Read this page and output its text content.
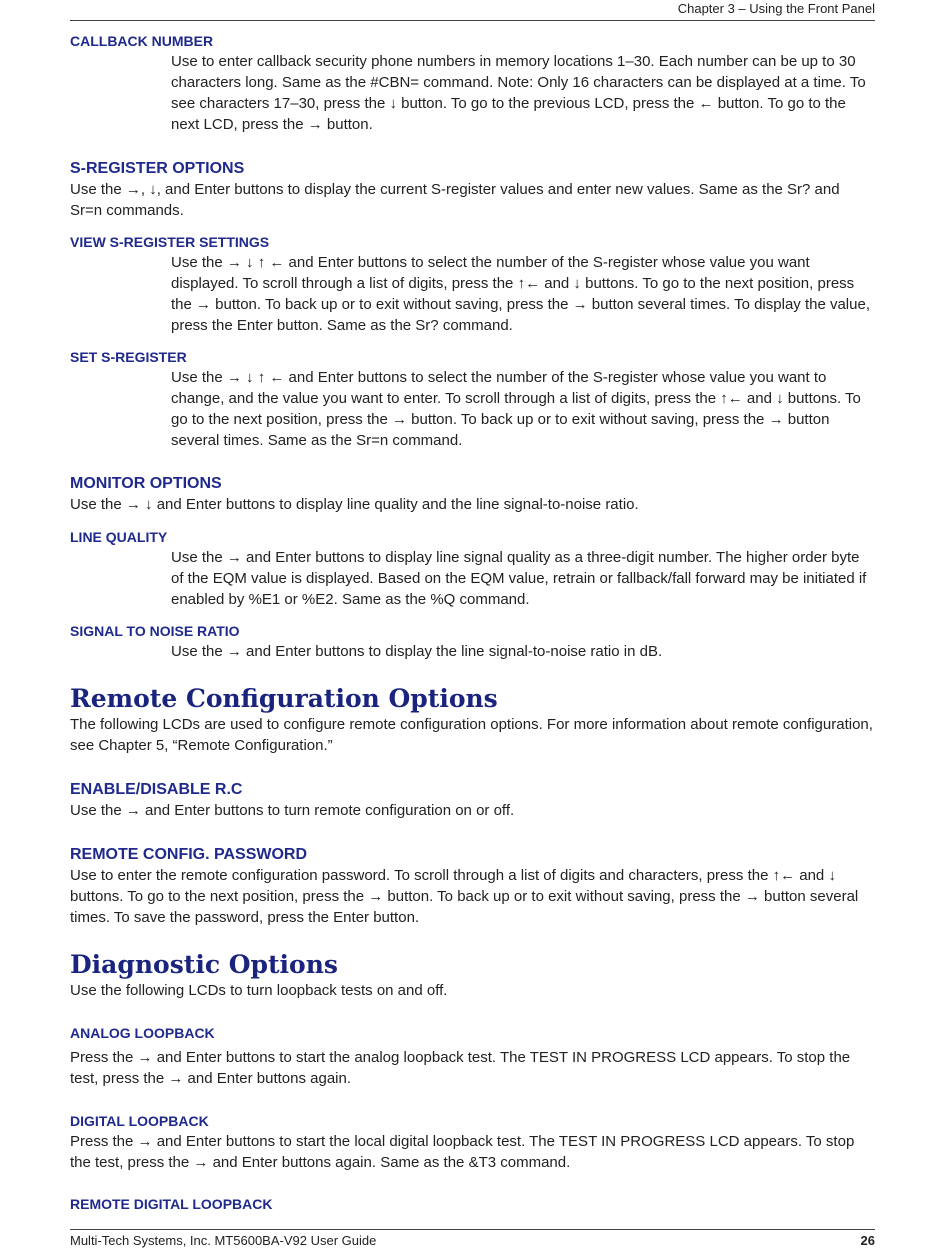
Chapter 3 – Using the Front Panel

CALLBACK NUMBER

Use to enter callback security phone numbers in memory locations 1–30. Each number can be up to 30 characters long. Same as the #CBN= command. Note: Only 16 characters can be displayed at a time. To see characters 17–30, press the ↓ button. To go to the previous LCD, press the ← button. To go to the next LCD, press the → button.

S-REGISTER OPTIONS

Use the →, ↓, and Enter buttons to display the current S-register values and enter new values. Same as the Sr? and Sr=n commands.

VIEW S-REGISTER SETTINGS

Use the → ↓ ↑ ← and Enter buttons to select the number of the S-register whose value you want displayed. To scroll through a list of digits, press the ↑← and ↓ buttons. To go to the next position, press the → button. To back up or to exit without saving, press the → button several times. To display the value, press the Enter button. Same as the Sr? command.

SET S-REGISTER

Use the → ↓ ↑ ← and Enter buttons to select the number of the S-register whose value you want to change, and the value you want to enter. To scroll through a list of digits, press the ↑← and ↓ buttons. To go to the next position, press the → button. To back up or to exit without saving, press the → button several times. Same as the Sr=n command.

MONITOR OPTIONS

Use the → ↓ and Enter buttons to display line quality and the line signal-to-noise ratio.

LINE QUALITY

Use the → and Enter buttons to display line signal quality as a three-digit number. The higher order byte of the EQM value is displayed. Based on the EQM value, retrain or fallback/fall forward may be initiated if enabled by %E1 or %E2. Same as the %Q command.

SIGNAL TO NOISE RATIO

Use the → and Enter buttons to display the line signal-to-noise ratio in dB.

Remote Configuration Options

The following LCDs are used to configure remote configuration options. For more information about remote configuration, see Chapter 5, “Remote Configuration.”

ENABLE/DISABLE R.C

Use the → and Enter buttons to turn remote configuration on or off.

REMOTE CONFIG. PASSWORD

Use to enter the remote configuration password. To scroll through a list of digits and characters, press the ↑← and ↓ buttons. To go to the next position, press the → button. To back up or to exit without saving, press the → button several times. To save the password, press the Enter button.

Diagnostic Options

Use the following LCDs to turn loopback tests on and off.

ANALOG LOOPBACK

Press the → and Enter buttons to start the analog loopback test. The TEST IN PROGRESS LCD appears. To stop the test, press the → and Enter buttons again.

DIGITAL LOOPBACK

Press the → and Enter buttons to start the local digital loopback test. The TEST IN PROGRESS LCD appears. To stop the test, press the → and Enter buttons again. Same as the &T3 command.

REMOTE DIGITAL LOOPBACK

Multi-Tech Systems, Inc. MT5600BA-V92 User Guide	26
